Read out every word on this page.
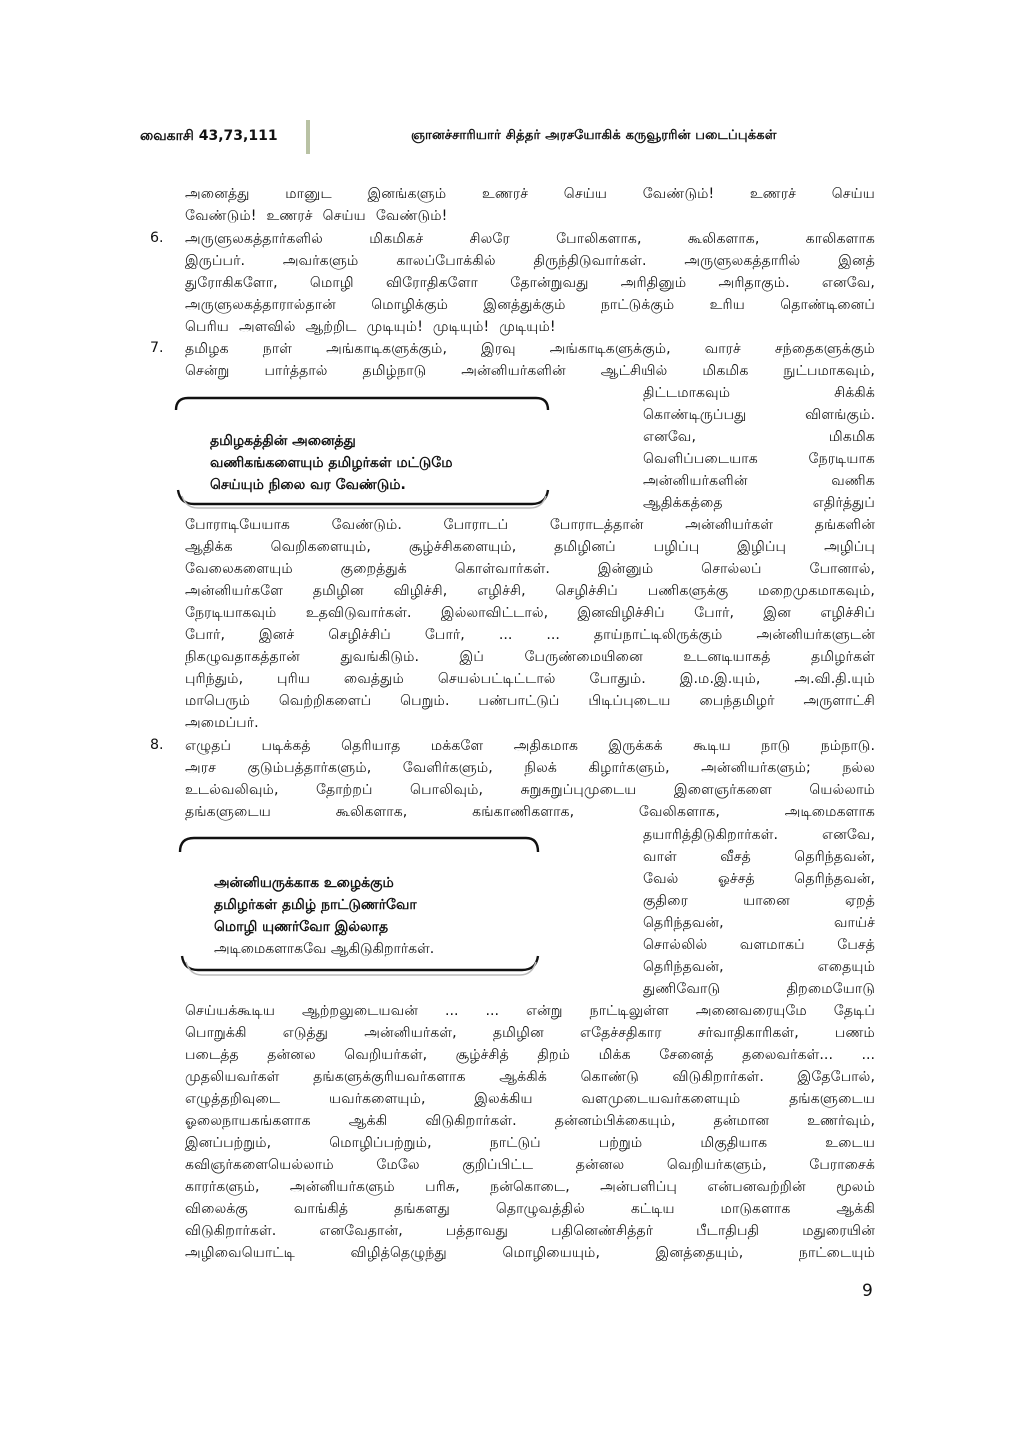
வைகாசி 43,73,111	ஞானச்சாரியார் சித்தர் அரசயோகிக் கருவூரரின் படைப்புக்கள்
அனைத்து	மானுட	இனங்களும்	உணரச்	செய்ய	வேண்டும்!	உணரச்	செய்ய
வேண்டும்! உணரச் செய்ய வேண்டும்!
6. அருளுலகத்தார்களில்	மிகமிகச்	சிலரே	போலிகளாக,	கூலிகளாக,	காலிகளாக
இருப்பர்.	அவர்களும்	காலப்போக்கில்	திருந்திடுவார்கள்.	அருளுலகத்தாரில்	இனத்
துரோகிகளோ, மொழி விரோதிகளோ தோன்றுவது அரிதினும் அரிதாகும். எனவே,
அருளுலகத்தாரால்தான் மொழிக்கும் இனத்துக்கும் நாட்டுக்கும் உரிய தொண்டினைப்
பெரிய அளவில் ஆற்றிட முடியும்! முடியும்! முடியும்!
7. தமிழக நாள் அங்காடிகளுக்கும், இரவு அங்காடிகளுக்கும், வாரச் சந்தைகளுக்கும்
சென்று பார்த்தால் தமிழ்நாடு அன்னியர்களின் ஆட்சியில் மிகமிக நுட்பமாகவும்,
திட்டமாகவும்	சிக்கிக்
கொண்டிருப்பது	விளங்கும்.
எனவே,	மிகமிக
வெளிப்படையாக	நேரடியாக
அன்னியர்களின்	வணிக
ஆதிக்கத்தை	எதிர்த்துப்
தமிழகத்தின் அனைத்து
வணிகங்களையும் தமிழர்கள் மட்டுமே
செய்யும் நிலை வர வேண்டும்.
போராடியேயாக	வேண்டும்.	போராடப்	போராடத்தான்	அன்னியர்கள்	தங்களின்
ஆதிக்க	வெறிகளையும்,	சூழ்ச்சிகளையும்,	தமிழினப்	பழிப்பு	இழிப்பு	அழிப்பு
வேலைகளையும்	குறைத்துக்	கொள்வார்கள்.	இன்னும்	சொல்லப்	போனால்,
அன்னியர்களே தமிழின விழிச்சி, எழிச்சி, செழிச்சிப் பணிகளுக்கு மறைமுகமாகவும்,
நேரடியாகவும் உதவிடுவார்கள். இல்லாவிட்டால், இனவிழிச்சிப் போர், இன எழிச்சிப்
போர், இனச் செழிச்சிப் போர், ... ... தாய்நாட்டிலிருக்கும் அன்னியர்களுடன்
நிகழுவதாகத்தான்	துவங்கிடும்.	இப்	பேருண்மையினை	உடனடியாகத்	தமிழர்கள்
புரிந்தும், புரிய வைத்தும் செயல்பட்டிட்டால் போதும். இ.ம.இ.யும், அ.வி.தி.யும்
மாபெரும் வெற்றிகளைப் பெறும். பண்பாட்டுப் பிடிப்புடைய பைந்தமிழர் அருளாட்சி
அமைப்பர்.
8. எழுதப் படிக்கத் தெரியாத மக்களே அதிகமாக இருக்கக் கூடிய நாடு நம்நாடு.
அரச குடும்பத்தார்களும், வேளிர்களும், நிலக் கிழார்களும், அன்னியர்களும்; நல்ல
உடல்வலிவும்,	தோற்றப்	பொலிவும்,	சுறுசுறுப்புமுடைய	இளைஞர்களை	யெல்லாம்
தங்களுடைய	கூலிகளாக,	கங்காணிகளாக,	வேலிகளாக,	அடிமைகளாக
தயாரித்திடுகிறார்கள்.	எனவே,
வாள்	வீசத்	தெரிந்தவன்,
வேல்	ஓச்சத்	தெரிந்தவன்,
குதிரை	யானை	ஏறத்
தெரிந்தவன்,	வாய்ச்
சொல்லில் வளமாகப் பேசத்
தெரிந்தவன்,	எதையும்
துணிவோடு	திறமையோடு
அன்னியருக்காக உழைக்கும்
தமிழர்கள் தமிழ் நாட்டுணர்வோ
மொழி யுணர்வோ இல்லாத
அடிமைகளாகவே ஆகிடுகிறார்கள்.
செய்யக்கூடிய ஆற்றலுடையவன் ... ... என்று நாட்டிலுள்ள அனைவரையுமே தேடிப்
பொறுக்கி	எடுத்து	அன்னியர்கள்,	தமிழின	எதேச்சதிகார	சர்வாதிகாரிகள்,	பணம்
படைத்த தன்னல வெறியர்கள், சூழ்ச்சித் திறம் மிக்க சேனைத் தலைவர்கள்... ...
முதலியவர்கள் தங்களுக்குரியவர்களாக ஆக்கிக் கொண்டு விடுகிறார்கள். இதேபோல்,
எழுத்தறிவுடை	யவர்களையும்,	இலக்கிய	வளமுடையவர்களையும்	தங்களுடைய
ஓலைநாயகங்களாக	ஆக்கி	விடுகிறார்கள்.	தன்னம்பிக்கையும்,	தன்மான	உணர்வும்,
இனப்பற்றும்,	மொழிப்பற்றும்,	நாட்டுப்	பற்றும்	மிகுதியாக	உடைய
கவிஞர்களையெல்லாம்	மேலே	குறிப்பிட்ட	தன்னல	வெறியர்களும்,	பேராசைக்
காரர்களும், அன்னியர்களும் பரிசு, நன்கொடை, அன்பளிப்பு என்பனவற்றின் மூலம்
விலைக்கு	வாங்கித்	தங்களது	தொழுவத்தில்	கட்டிய	மாடுகளாக	ஆக்கி
விடுகிறார்கள்.	எனவேதான்,	பத்தாவது	பதினெண்சித்தர்	பீடாதிபதி	மதுரையின்
அழிவையொட்டி	விழித்தெழுந்து	மொழியையும்,	இனத்தையும்,	நாட்டையும்
9
